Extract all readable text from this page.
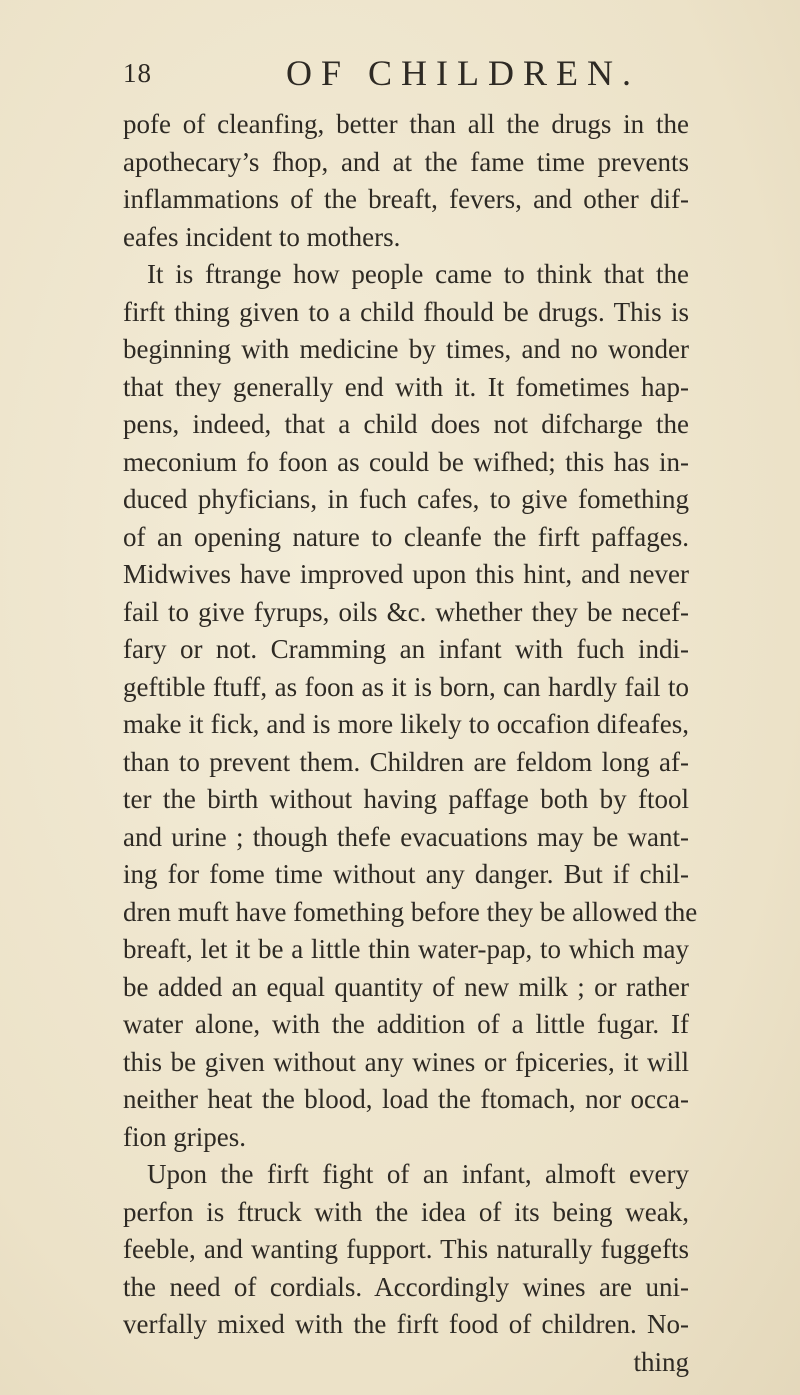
18	OF CHILDREN.
pofe of cleanfing, better than all the drugs in the
apothecary’s fhop, and at the fame time prevents
inflammations of the breaft, fevers, and other dif-
eafes incident to mothers.
It is ftrange how people came to think that the
firft thing given to a child fhould be drugs. This is
beginning with medicine by times, and no wonder
that they generally end with it. It fometimes hap-
pens, indeed, that a child does not difcharge the
meconium fo foon as could be wifhed; this has in-
duced phyficians, in fuch cafes, to give fomething
of an opening nature to cleanfe the firft paffages.
Midwives have improved upon this hint, and never
fail to give fyrups, oils &c. whether they be necef-
fary or not. Cramming an infant with fuch indi-
geftible ftuff, as foon as it is born, can hardly fail to
make it fick, and is more likely to occafion difeafes,
than to prevent them. Children are feldom long af-
ter the birth without having paffage both by ftool
and urine ; though thefe evacuations may be want-
ing for fome time without any danger. But if chil-
dren muft have fomething before they be allowed the
breaft, let it be a little thin water-pap, to which may
be added an equal quantity of new milk ; or rather
water alone, with the addition of a little fugar. If
this be given without any wines or fpiceries, it will
neither heat the blood, load the ftomach, nor occa-
fion gripes.
Upon the firft fight of an infant, almoft every
perfon is ftruck with the idea of its being weak,
feeble, and wanting fupport. This naturally fuggefts
the need of cordials. Accordingly wines are uni-
verfally mixed with the firft food of children. No-
thing
